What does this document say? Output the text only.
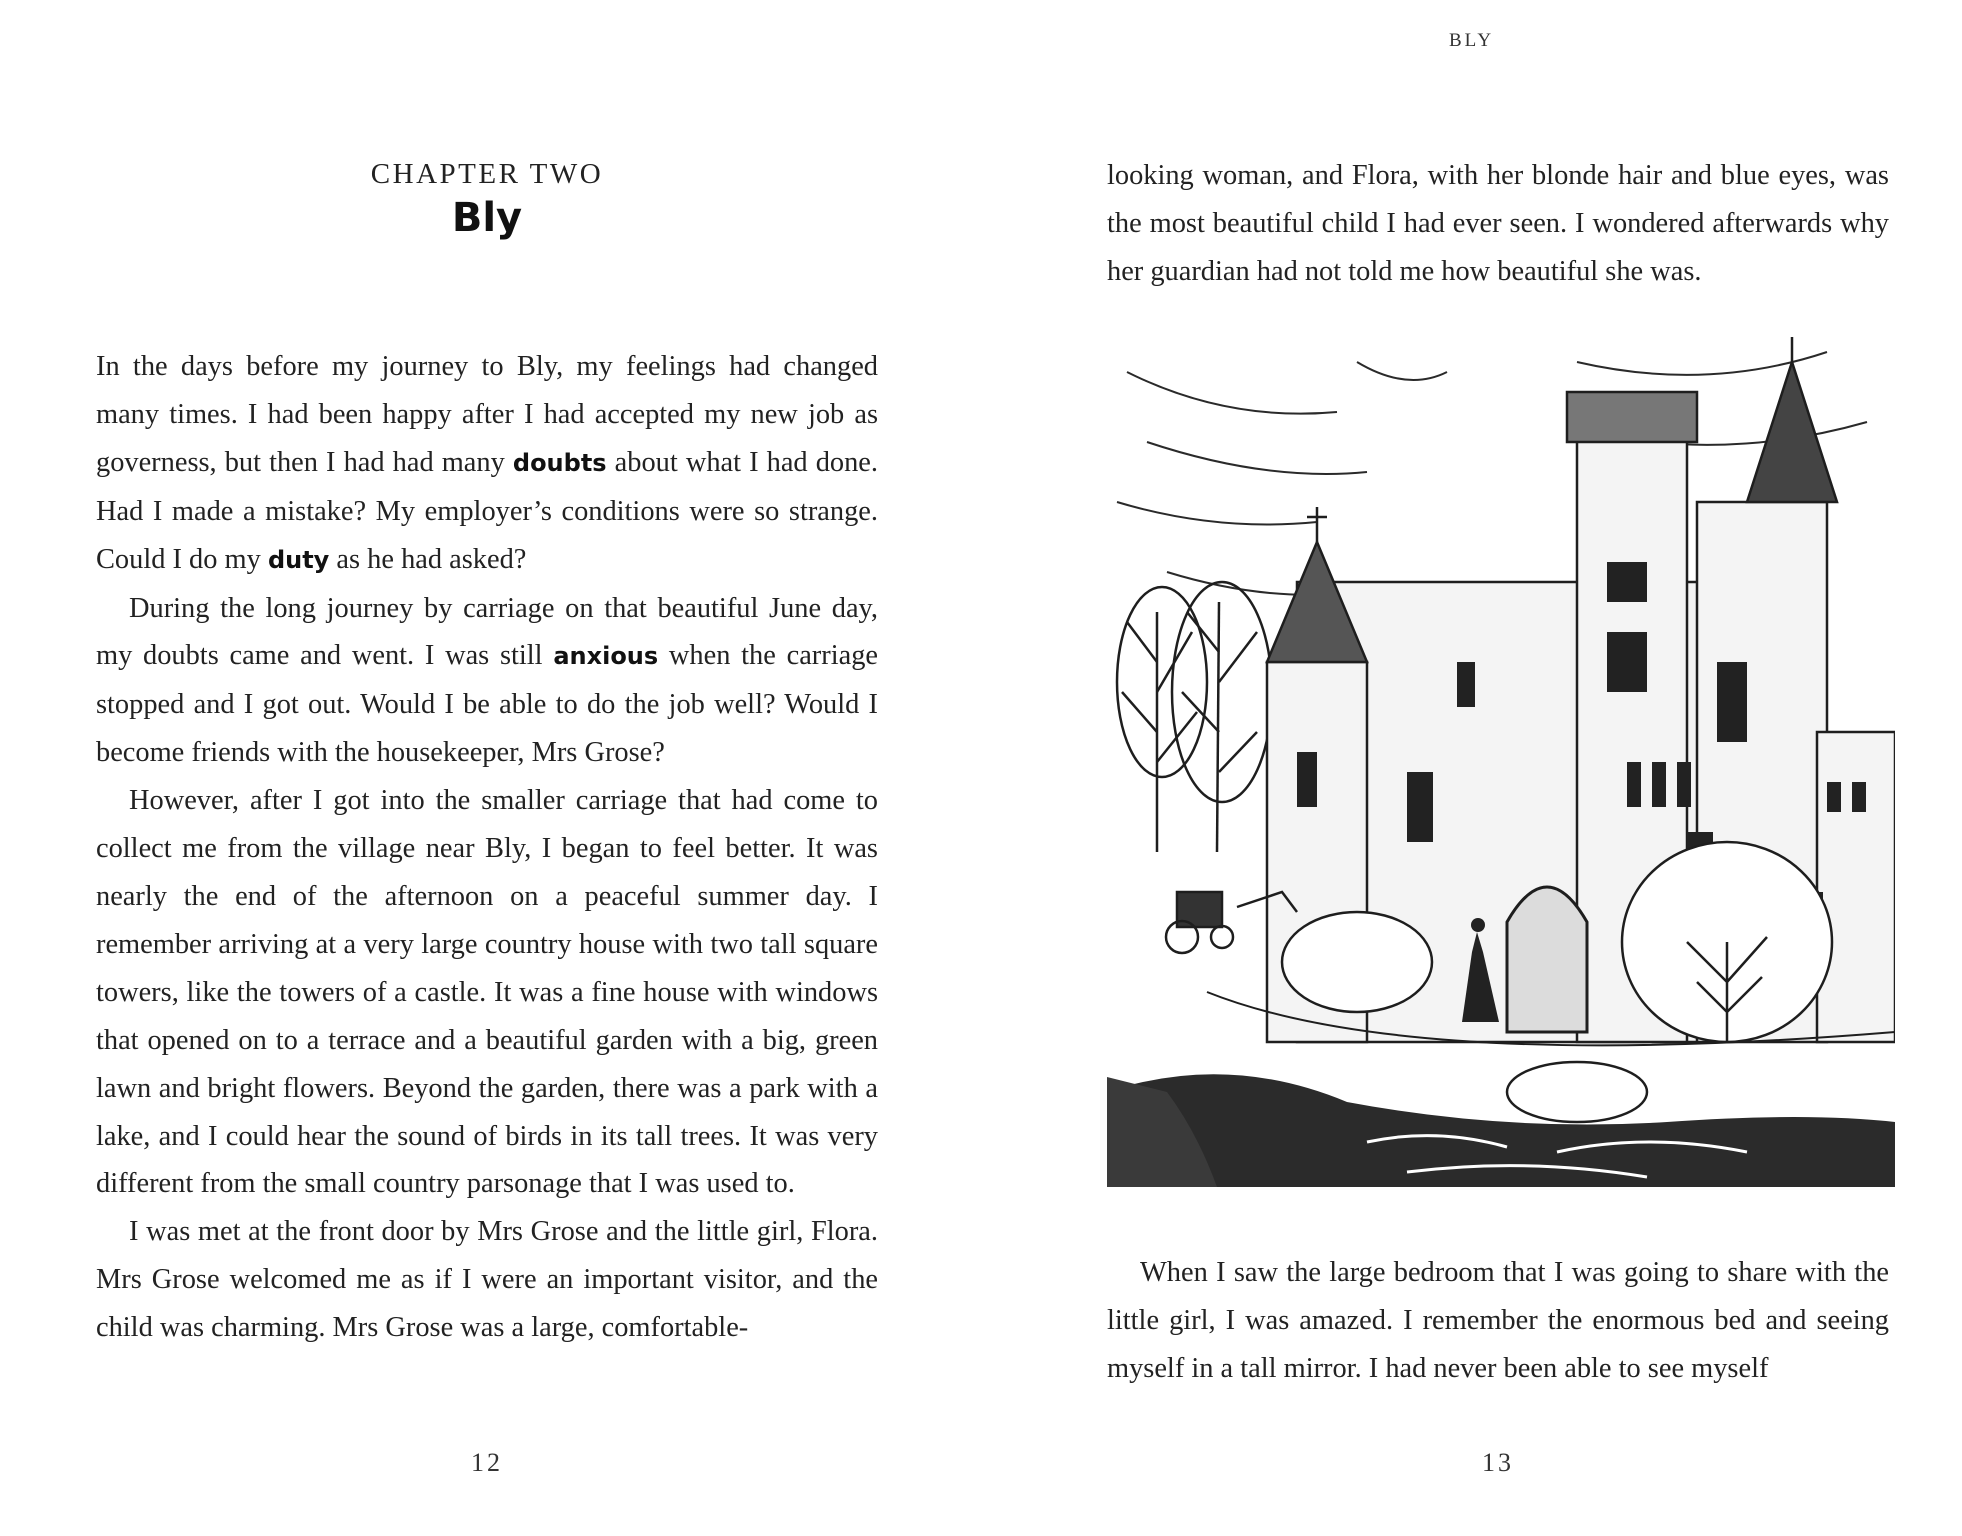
CHAPTER TWO
Bly

In the days before my journey to Bly, my feelings had changed many times. I had been happy after I had accepted my new job as governess, but then I had had many doubts about what I had done. Had I made a mistake? My employer’s conditions were so strange. Could I do my duty as he had asked?

During the long journey by carriage on that beautiful June day, my doubts came and went. I was still anxious when the carriage stopped and I got out. Would I be able to do the job well? Would I become friends with the housekeeper, Mrs Grose?

However, after I got into the smaller carriage that had come to collect me from the village near Bly, I began to feel better. It was nearly the end of the afternoon on a peaceful summer day. I remember arriving at a very large country house with two tall square towers, like the towers of a castle. It was a fine house with windows that opened on to a terrace and a beautiful garden with a big, green lawn and bright flowers. Beyond the garden, there was a park with a lake, and I could hear the sound of birds in its tall trees. It was very different from the small country parsonage that I was used to.

I was met at the front door by Mrs Grose and the little girl, Flora. Mrs Grose welcomed me as if I were an important visitor, and the child was charming. Mrs Grose was a large, comfortable-

12
BLY
13

looking woman, and Flora, with her blonde hair and blue eyes, was the most beautiful child I had ever seen. I wondered afterwards why her guardian had not told me how beautiful she was.

When I saw the large bedroom that I was going to share with the little girl, I was amazed. I remember the enormous bed and seeing myself in a tall mirror. I had never been able to see myself
